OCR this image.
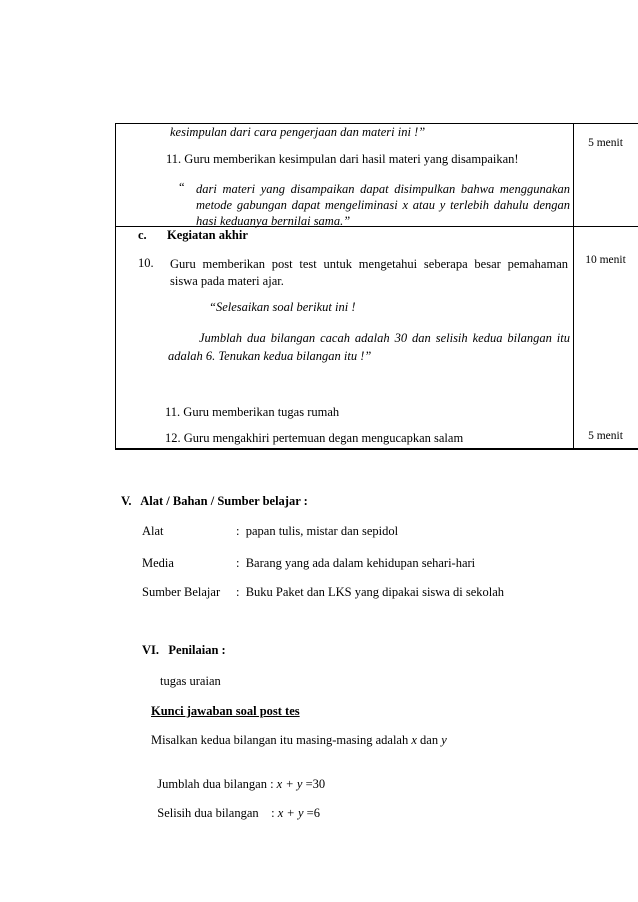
kesimpulan dari cara pengerjaan dan materi ini !”
11. Guru memberikan kesimpulan dari hasil materi yang disampaikan!
“ dari materi yang disampaikan dapat disimpulkan bahwa menggunakan metode gabungan dapat mengeliminasi x atau y terlebih dahulu dengan hasi keduanya bernilai sama.”
5 menit
c. Kegiatan akhir
10. Guru memberikan post test untuk mengetahui seberapa besar pemahaman siswa pada materi ajar.
“Selesaikan soal berikut ini !
Jumblah dua bilangan cacah adalah 30 dan selisih kedua bilangan itu adalah 6. Tenukan kedua bilangan itu !”
11. Guru memberikan tugas rumah
12. Guru mengakhiri pertemuan degan mengucapkan salam
10 menit
5 menit
V.   Alat / Bahan / Sumber belajar :
Alat	:  papan tulis, mistar dan sepidol
Media	:  Barang yang ada dalam kehidupan sehari-hari
Sumber Belajar :  Buku Paket dan LKS yang dipakai siswa di sekolah
VI.   Penilaian :
tugas uraian
Kunci jawaban soal post tes
Misalkan kedua bilangan itu masing-masing adalah x dan y

Jumblah dua bilangan : x + y =30

Selisih dua bilangan    : x + y =6
